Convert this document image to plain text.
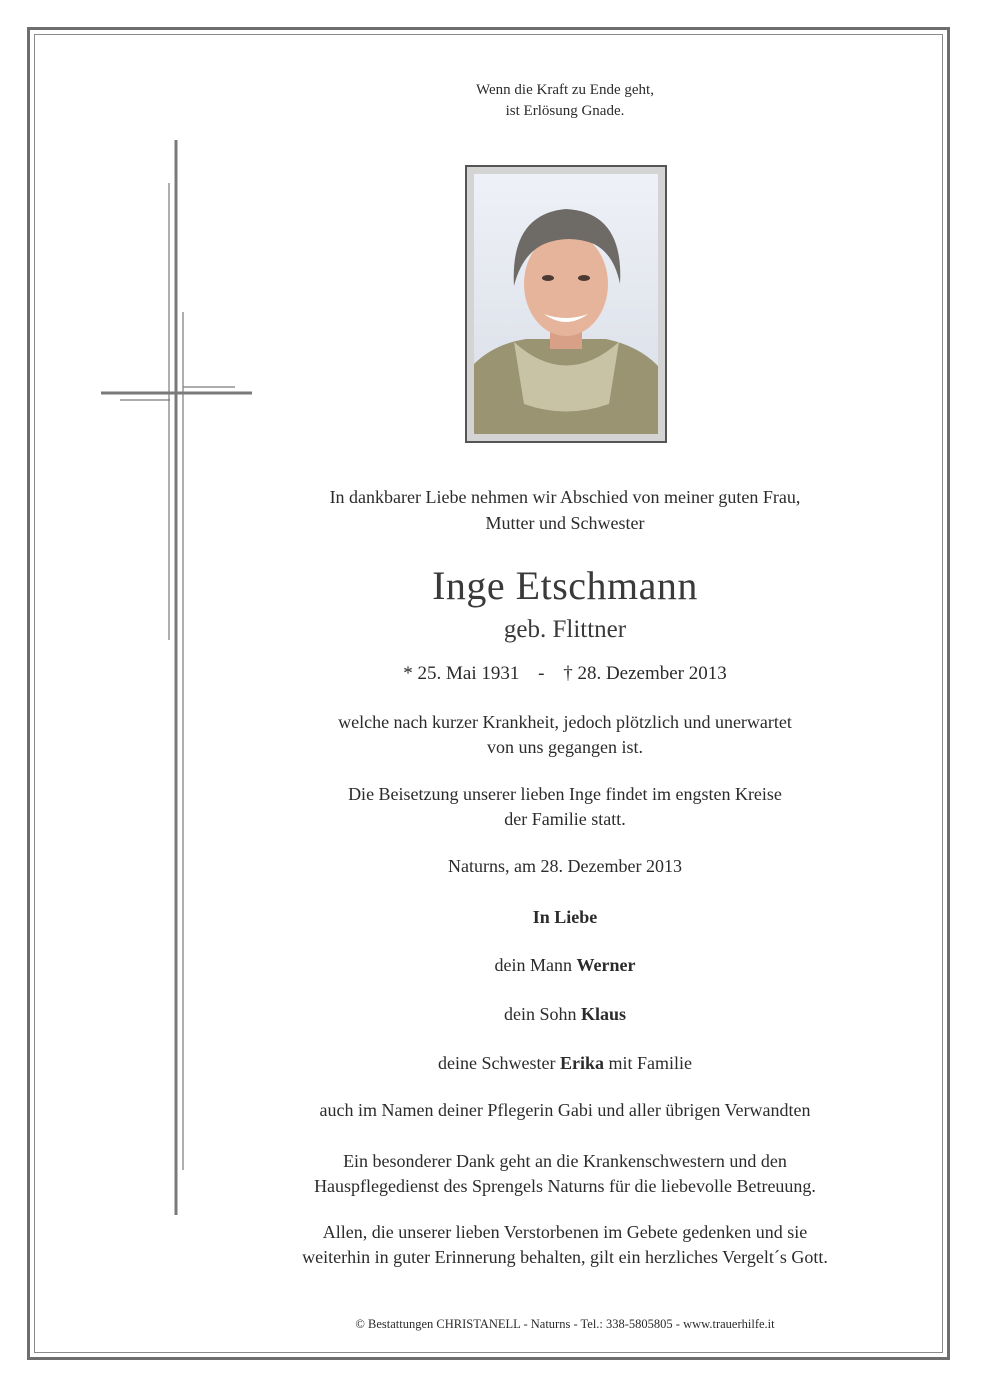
Wenn die Kraft zu Ende geht,
ist Erlösung Gnade.
In dankbarer Liebe nehmen wir Abschied von meiner guten Frau,
Mutter und Schwester
Inge Etschmann
geb. Flittner
* 25. Mai 1931 - † 28. Dezember 2013
welche nach kurzer Krankheit, jedoch plötzlich und unerwartet
von uns gegangen ist.
Die Beisetzung unserer lieben Inge findet im engsten Kreise
der Familie statt.
Naturns, am 28. Dezember 2013
In Liebe
dein Mann Werner
dein Sohn Klaus
deine Schwester Erika mit Familie
auch im Namen deiner Pflegerin Gabi und aller übrigen Verwandten
Ein besonderer Dank geht an die Krankenschwestern und den
Hauspflegedienst des Sprengels Naturns für die liebevolle Betreuung.
Allen, die unserer lieben Verstorbenen im Gebete gedenken und sie
weiterhin in guter Erinnerung behalten, gilt ein herzliches Vergelt´s Gott.
© Bestattungen CHRISTANELL - Naturns - Tel.: 338-5805805 - www.trauerhilfe.it
